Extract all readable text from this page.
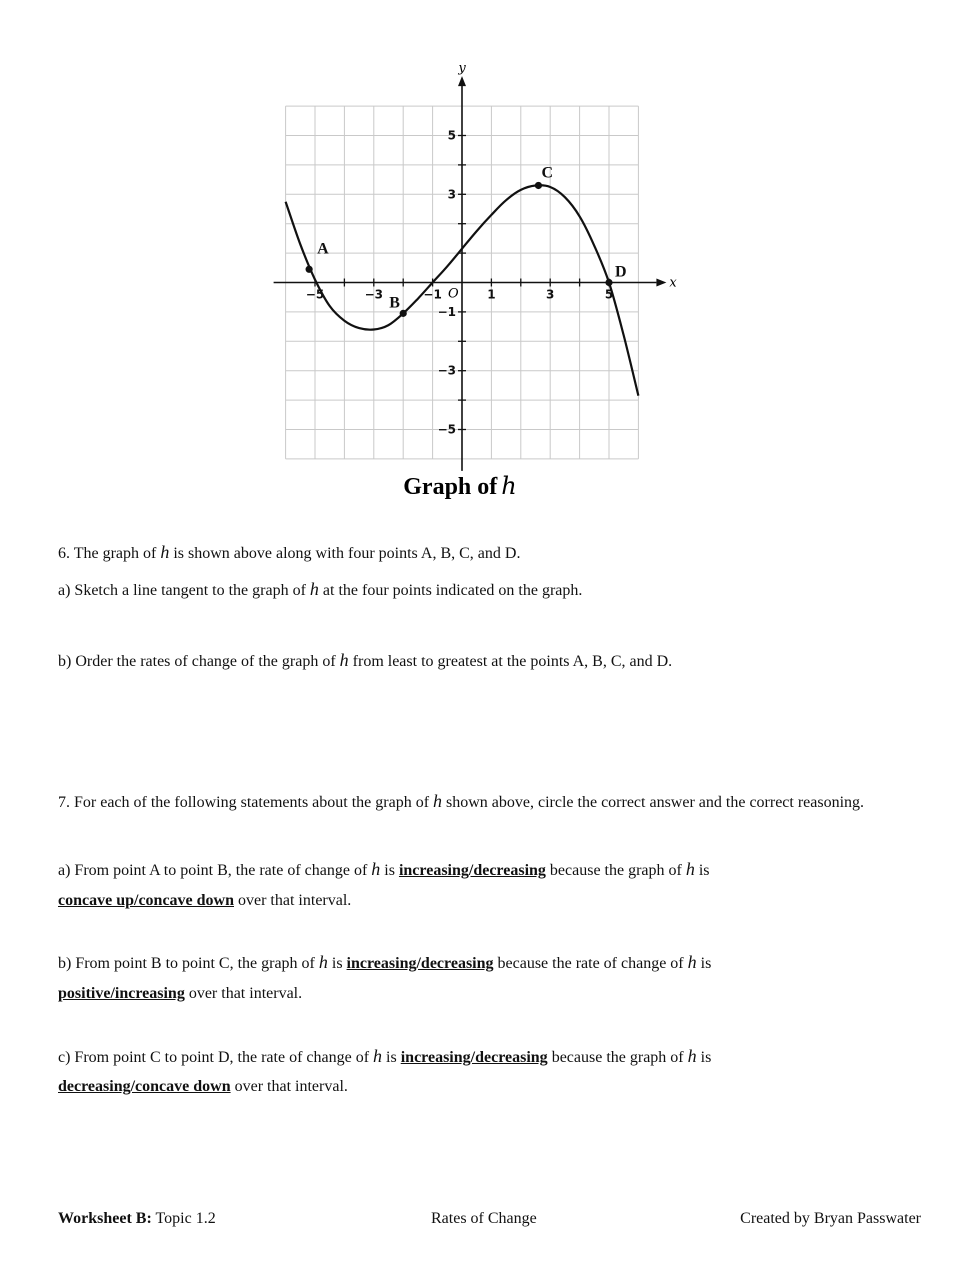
−5	−3	−1	1	3	5
5
3
−1
−3
−5
A
B
C
D
x
y
O
Graph of h
6. The graph of h is shown above along with four points A, B, C, and D.
a) Sketch a line tangent to the graph of h at the four points indicated on the graph.
b) Order the rates of change of the graph of h from least to greatest at the points A, B, C, and D.
7. For each of the following statements about the graph of h shown above, circle the correct answer and the correct reasoning.
a) From point A to point B, the rate of change of h is increasing/decreasing because the graph of h is
concave up/concave down over that interval.
b) From point B to point C, the graph of h is increasing/decreasing because the rate of change of h is
positive/increasing over that interval.
c) From point C to point D, the rate of change of h is increasing/decreasing because the graph of h is
decreasing/concave down over that interval.
Worksheet B: Topic 1.2	Rates of Change	Created by Bryan Passwater
